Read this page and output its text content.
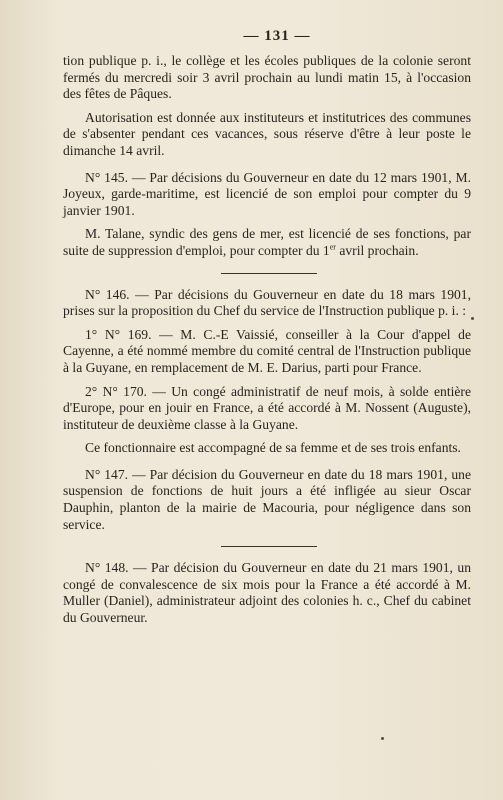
— 131 —

tion publique p. i., le collège et les écoles publiques de la colonie seront fermés du mercredi soir 3 avril prochain au lundi matin 15, à l'occasion des fêtes de Pâques.

Autorisation est donnée aux instituteurs et institutrices des communes de s'absenter pendant ces vacances, sous réserve d'être à leur poste le dimanche 14 avril.

N° 145. — Par décisions du Gouverneur en date du 12 mars 1901, M. Joyeux, garde-maritime, est licencié de son emploi pour compter du 9 janvier 1901.

M. Talane, syndic des gens de mer, est licencié de ses fonctions, par suite de suppression d'emploi, pour compter du 1er avril prochain.

N° 146. — Par décisions du Gouverneur en date du 18 mars 1901, prises sur la proposition du Chef du service de l'Instruction publique p. i. :

1° N° 169. — M. C.-E Vaissié, conseiller à la Cour d'appel de Cayenne, a été nommé membre du comité central de l'Instruction publique à la Guyane, en remplacement de M. E. Darius, parti pour France.

2° N° 170. — Un congé administratif de neuf mois, à solde entière d'Europe, pour en jouir en France, a été accordé à M. Nossent (Auguste), instituteur de deuxième classe à la Guyane.

Ce fonctionnaire est accompagné de sa femme et de ses trois enfants.

N° 147. — Par décision du Gouverneur en date du 18 mars 1901, une suspension de fonctions de huit jours a été infligée au sieur Oscar Dauphin, planton de la mairie de Macouria, pour négligence dans son service.

N° 148. — Par décision du Gouverneur en date du 21 mars 1901, un congé de convalescence de six mois pour la France a été accordé à M. Muller (Daniel), administrateur adjoint des colonies h. c., Chef du cabinet du Gouverneur.
